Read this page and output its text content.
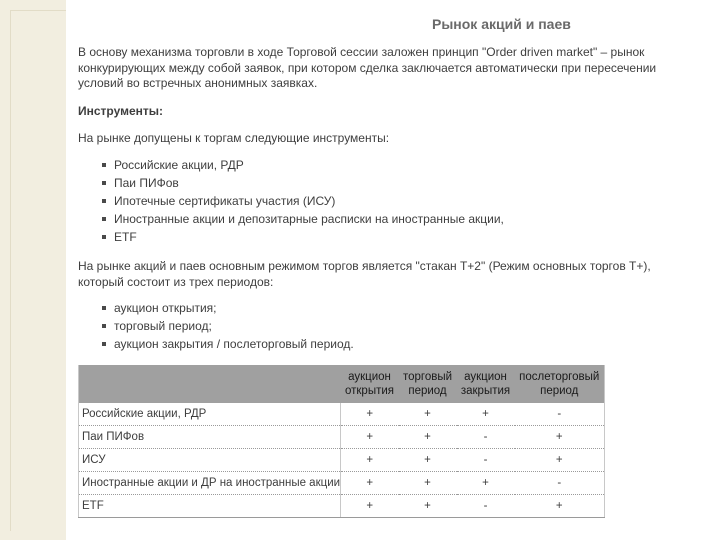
Рынок акций и паев
В основу механизма торговли в ходе Торговой сессии заложен принцип "Order driven market" – рынок конкурирующих между собой заявок, при котором сделка заключается автоматически при пересечении условий во встречных анонимных заявках.
Инструменты:
На рынке допущены к торгам следующие инструменты:
Российские акции, РДР
Паи ПИФов
Ипотечные сертификаты участия (ИСУ)
Иностранные акции и депозитарные расписки на иностранные акции,
ETF
На рынке акций и паев основным режимом торгов является "стакан Т+2" (Режим основных торгов Т+), который состоит из трех периодов:
аукцион открытия;
торговый период;
аукцион закрытия / послеторговый период.
	аукцион открытия	торговый период	аукцион закрытия	послеторговый период
Российские акции, РДР	+	+	+	-
Паи ПИФов	+	+	-	+
ИСУ	+	+	-	+
Иностранные акции и ДР на иностранные акции	+	+	+	-
ETF	+	+	-	+
